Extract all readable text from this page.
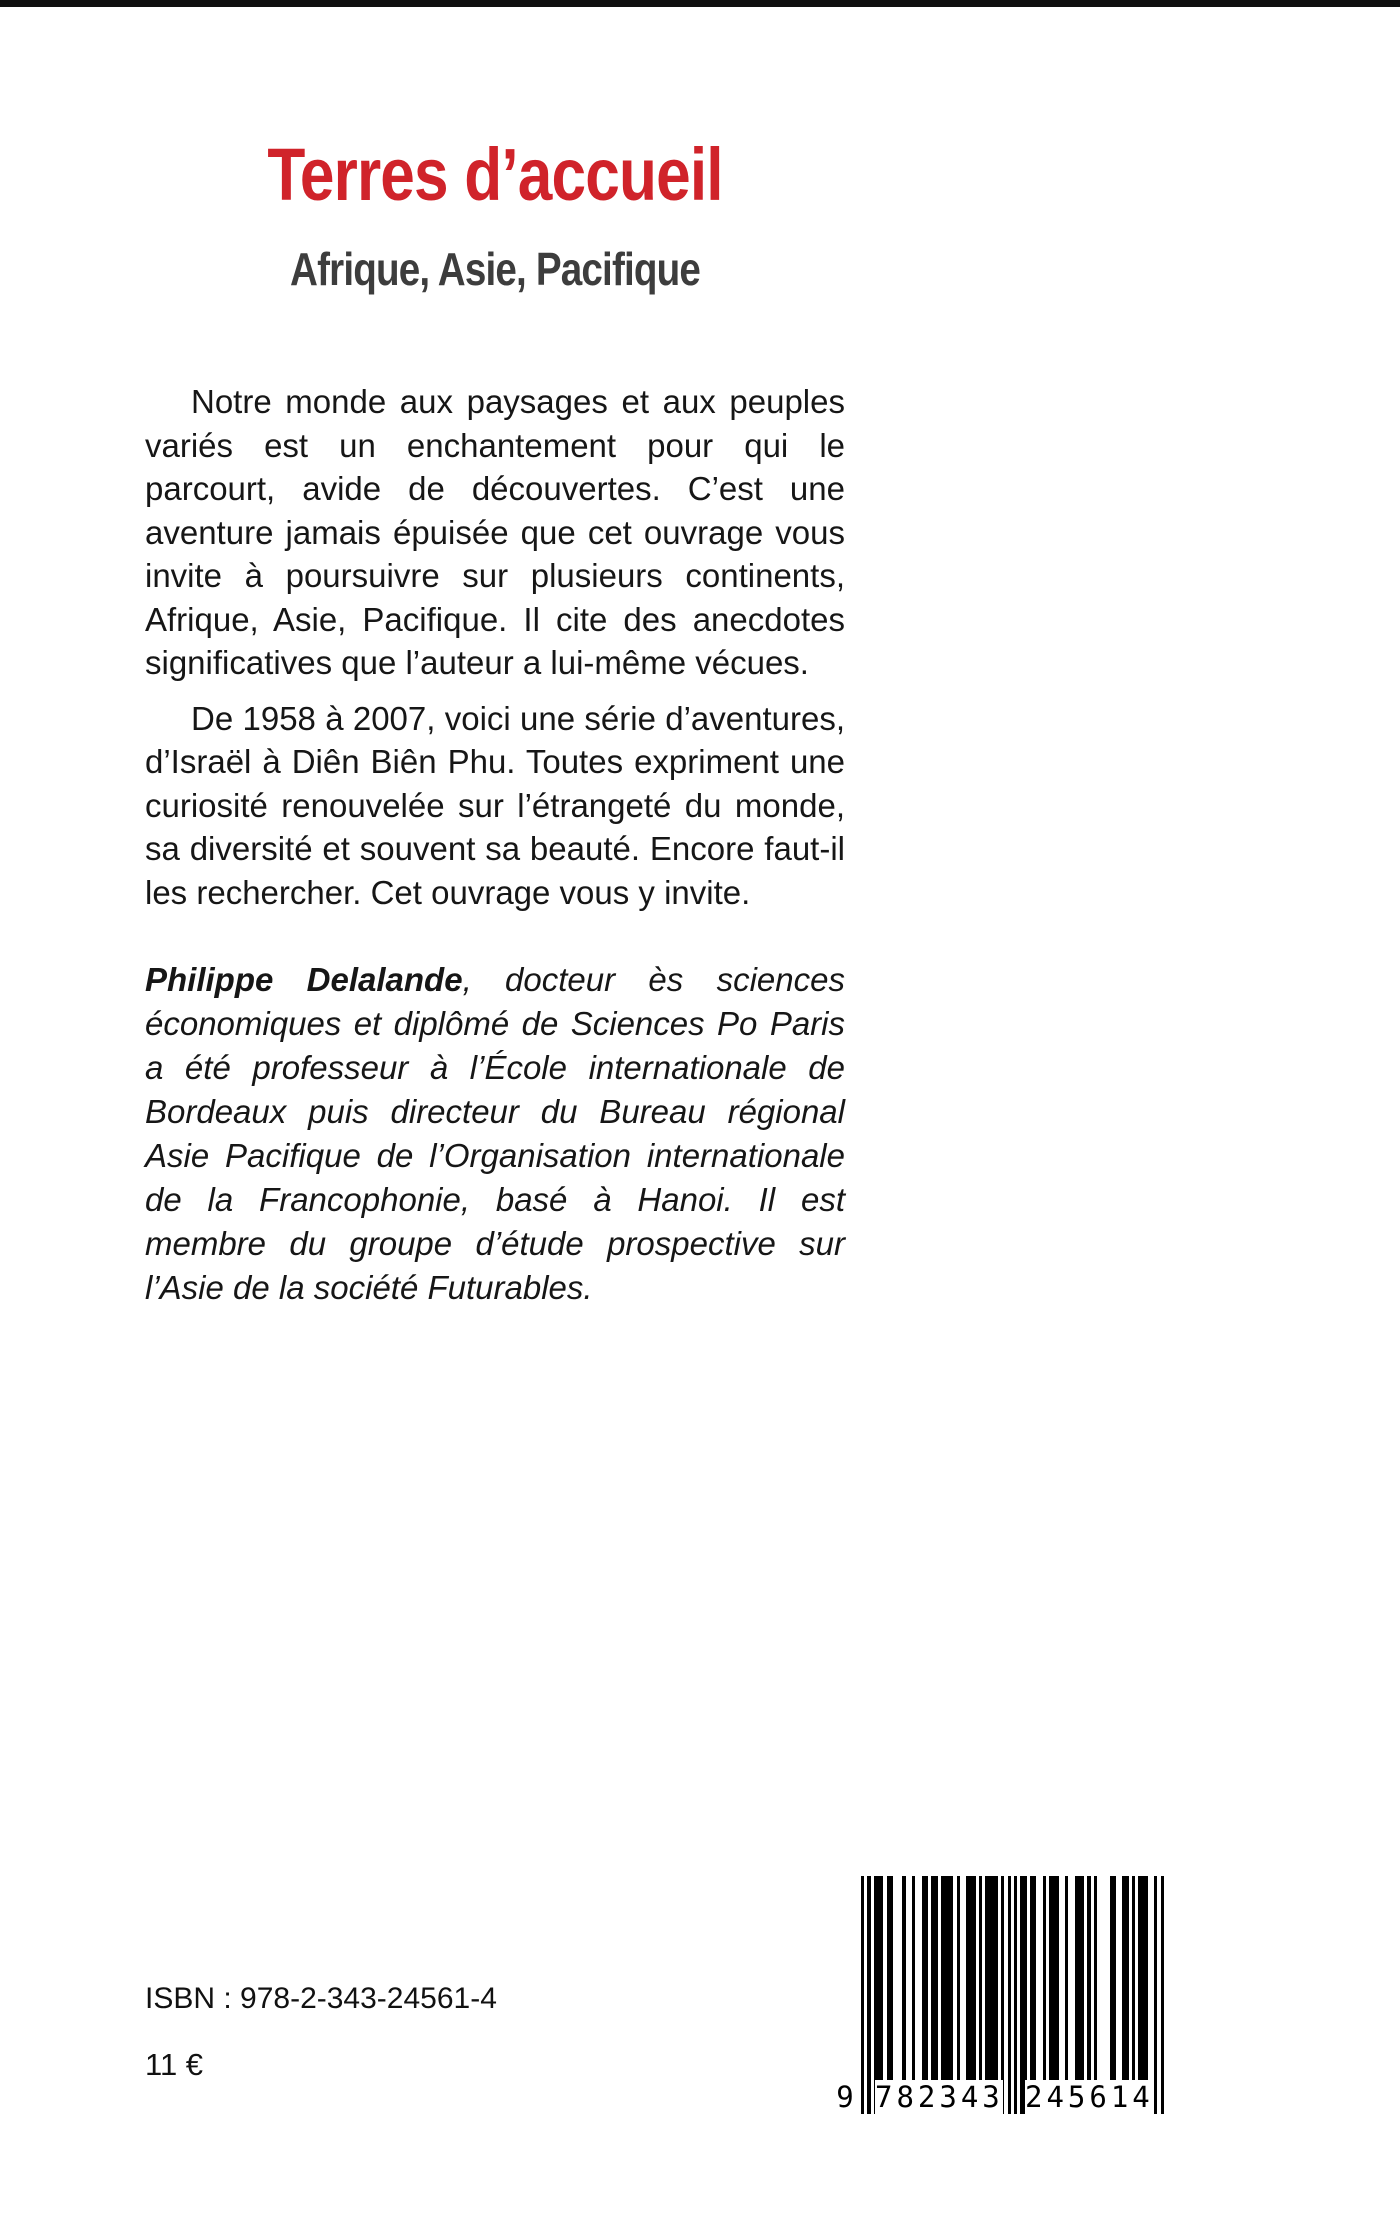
Terres d’accueil
Afrique, Asie, Pacifique

Notre monde aux paysages et aux peuples variés est un enchantement pour qui le parcourt, avide de découvertes. C’est une aventure jamais épuisée que cet ouvrage vous invite à poursuivre sur plusieurs continents, Afrique, Asie, Pacifique. Il cite des anecdotes significatives que l’auteur a lui-même vécues.

De 1958 à 2007, voici une série d’aventures, d’Israël à Diên Biên Phu. Toutes expriment une curiosité renouvelée sur l’étrangeté du monde, sa diversité et souvent sa beauté. Encore faut-il les rechercher. Cet ouvrage vous y invite.

Philippe Delalande, docteur ès sciences économiques et diplômé de Sciences Po Paris a été professeur à l’École internationale de Bordeaux puis directeur du Bureau régional Asie Pacifique de l’Organisation internationale de la Francophonie, basé à Hanoi. Il est membre du groupe d’étude prospective sur l’Asie de la société Futurables.

ISBN : 978-2-343-24561-4
11 €
9 782343 245614
